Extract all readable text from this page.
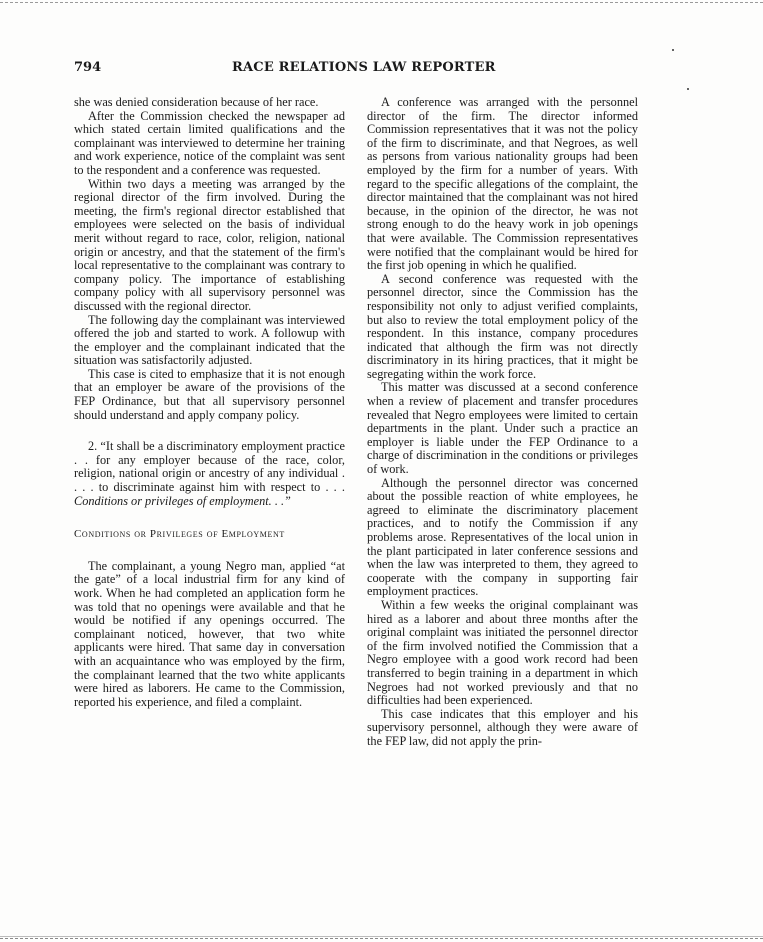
794	RACE RELATIONS LAW REPORTER

she was denied consideration because of her race.

After the Commission checked the newspaper ad which stated certain limited qualifications and the complainant was interviewed to determine her training and work experience, notice of the complaint was sent to the respondent and a conference was requested.

Within two days a meeting was arranged by the regional director of the firm involved. During the meeting, the firm's regional director established that employees were selected on the basis of individual merit without regard to race, color, religion, national origin or ancestry, and that the statement of the firm's local representative to the complainant was contrary to company policy. The importance of establishing company policy with all supervisory personnel was discussed with the regional director.

The following day the complainant was interviewed offered the job and started to work. A followup with the employer and the complainant indicated that the situation was satisfactorily adjusted.

This case is cited to emphasize that it is not enough that an employer be aware of the provisions of the FEP Ordinance, but that all supervisory personnel should understand and apply company policy.

2. “It shall be a discriminatory employment practice . . for any employer because of the race, color, religion, national origin or ancestry of any individual . . . . to discriminate against him with respect to . . . Conditions or privileges of employment. . .”

Conditions or Privileges of Employment

The complainant, a young Negro man, applied “at the gate” of a local industrial firm for any kind of work. When he had completed an application form he was told that no openings were available and that he would be notified if any openings occurred. The complainant noticed, however, that two white applicants were hired. That same day in conversation with an acquaintance who was employed by the firm, the complainant learned that the two white applicants were hired as laborers. He came to the Commission, reported his experience, and filed a complaint.

A conference was arranged with the personnel director of the firm. The director informed Commission representatives that it was not the policy of the firm to discriminate, and that Negroes, as well as persons from various nationality groups had been employed by the firm for a number of years. With regard to the specific allegations of the complaint, the director maintained that the complainant was not hired because, in the opinion of the director, he was not strong enough to do the heavy work in job openings that were available. The Commission representatives were notified that the complainant would be hired for the first job opening in which he qualified.

A second conference was requested with the personnel director, since the Commission has the responsibility not only to adjust verified complaints, but also to review the total employment policy of the respondent. In this instance, company procedures indicated that although the firm was not directly discriminatory in its hiring practices, that it might be segregating within the work force.

This matter was discussed at a second conference when a review of placement and transfer procedures revealed that Negro employees were limited to certain departments in the plant. Under such a practice an employer is liable under the FEP Ordinance to a charge of discrimination in the conditions or privileges of work.

Although the personnel director was concerned about the possible reaction of white employees, he agreed to eliminate the discriminatory placement practices, and to notify the Commission if any problems arose. Representatives of the local union in the plant participated in later conference sessions and when the law was interpreted to them, they agreed to cooperate with the company in supporting fair employment practices.

Within a few weeks the original complainant was hired as a laborer and about three months after the original complaint was initiated the personnel director of the firm involved notified the Commission that a Negro employee with a good work record had been transferred to begin training in a department in which Negroes had not worked previously and that no difficulties had been experienced.

This case indicates that this employer and his supervisory personnel, although they were aware of the FEP law, did not apply the prin-
